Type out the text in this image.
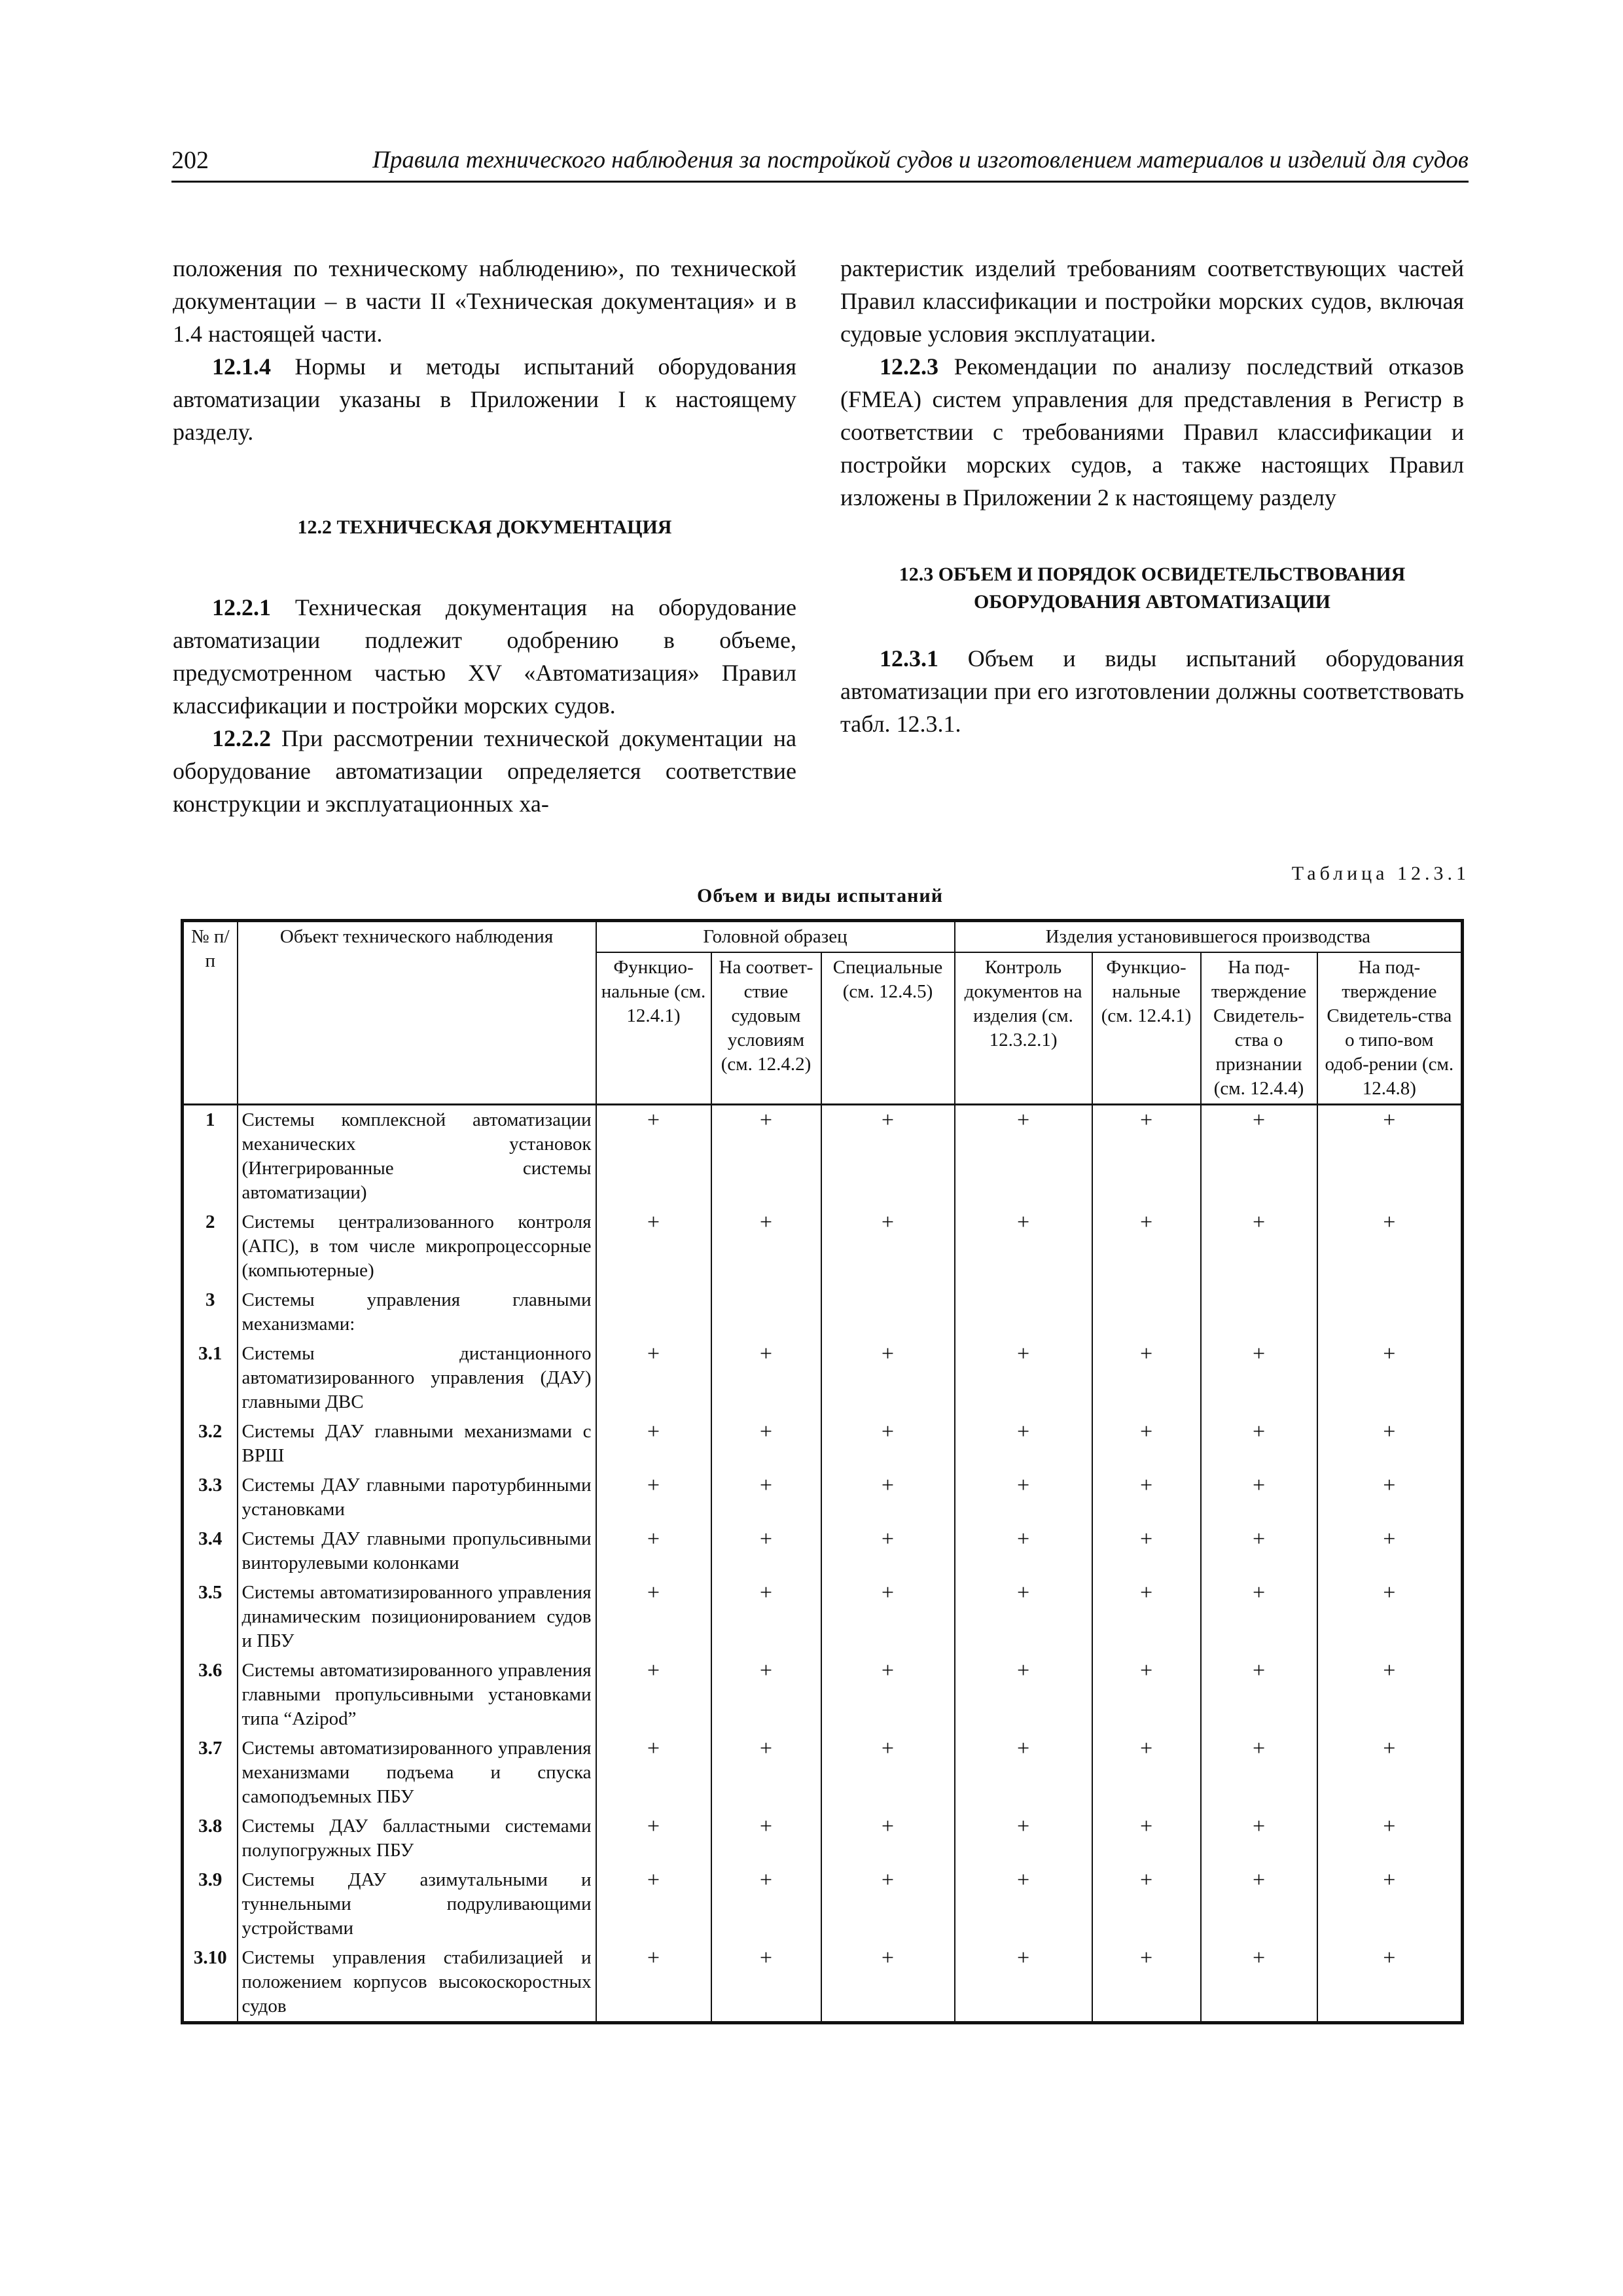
202	Правила технического наблюдения за постройкой судов и изготовлением материалов и изделий для судов

положения по техническому наблюдению», по технической документации – в части II «Техническая документация» и в 1.4 настоящей части.

12.1.4 Нормы и методы испытаний оборудования автоматизации указаны в Приложении I к настоящему разделу.

12.2 ТЕХНИЧЕСКАЯ ДОКУМЕНТАЦИЯ

12.2.1 Техническая документация на оборудование автоматизации подлежит одобрению в объеме, предусмотренном частью XV «Автоматизация» Правил классификации и постройки морских судов.

12.2.2 При рассмотрении технической документации на оборудование автоматизации определяется соответствие конструкции и эксплуатационных ха-

рактеристик изделий требованиям соответствующих частей Правил классификации и постройки морских судов, включая судовые условия эксплуатации.

12.2.3 Рекомендации по анализу последствий отказов (FMEA) систем управления для представления в Регистр в соответствии с требованиями Правил классификации и постройки морских судов, а также настоящих Правил изложены в Приложении 2 к настоящему разделу

12.3 ОБЪЕМ И ПОРЯДОК ОСВИДЕТЕЛЬСТВОВАНИЯ
ОБОРУДОВАНИЯ АВТОМАТИЗАЦИИ

12.3.1 Объем и виды испытаний оборудования автоматизации при его изготовлении должны соответствовать табл. 12.3.1.

Таблица 12.3.1
Объем и виды испытаний
№ п/п	Объект технического наблюдения	Головной образец			Изделия установившегося производства			
		Функцио-нальные (см. 12.4.1)	На соответ-ствие судовым условиям (см. 12.4.2)	Специальные (см. 12.4.5)	Контроль документов на изделия (см. 12.3.2.1)	Функцио-нальные (см. 12.4.1)	На под-тверждение Свидетель-ства о признании (см. 12.4.4)	На под-тверждение Свидетель-ства о типо-вом одоб-рении (см. 12.4.8)
1	Системы комплексной автоматизации механических установок (Интегрированные системы автоматизации)	+	+	+	+	+	+	+
2	Системы централизованного контроля (АПС), в том числе микропроцессорные (компьютерные)	+	+	+	+	+	+	+
3	Системы управления главными механизмами:							
3.1	Системы дистанционного автоматизированного управления (ДАУ) главными ДВС	+	+	+	+	+	+	+
3.2	Системы ДАУ главными механизмами с ВРШ	+	+	+	+	+	+	+
3.3	Системы ДАУ главными паротурбинными установками	+	+	+	+	+	+	+
3.4	Системы ДАУ главными пропульсивными винторулевыми колонками	+	+	+	+	+	+	+
3.5	Системы автоматизированного управления динамическим позиционированием судов и ПБУ	+	+	+	+	+	+	+
3.6	Системы автоматизированного управления главными пропульсивными установками типа “Azipod”	+	+	+	+	+	+	+
3.7	Системы автоматизированного управления механизмами подъема и спуска самоподъемных ПБУ	+	+	+	+	+	+	+
3.8	Системы ДАУ балластными системами полупогружных ПБУ	+	+	+	+	+	+	+
3.9	Системы ДАУ азимутальными и туннельными подруливающими устройствами	+	+	+	+	+	+	+
3.10	Системы управления стабилизацией и положением корпусов высокоскоростных судов	+	+	+	+	+	+	+
